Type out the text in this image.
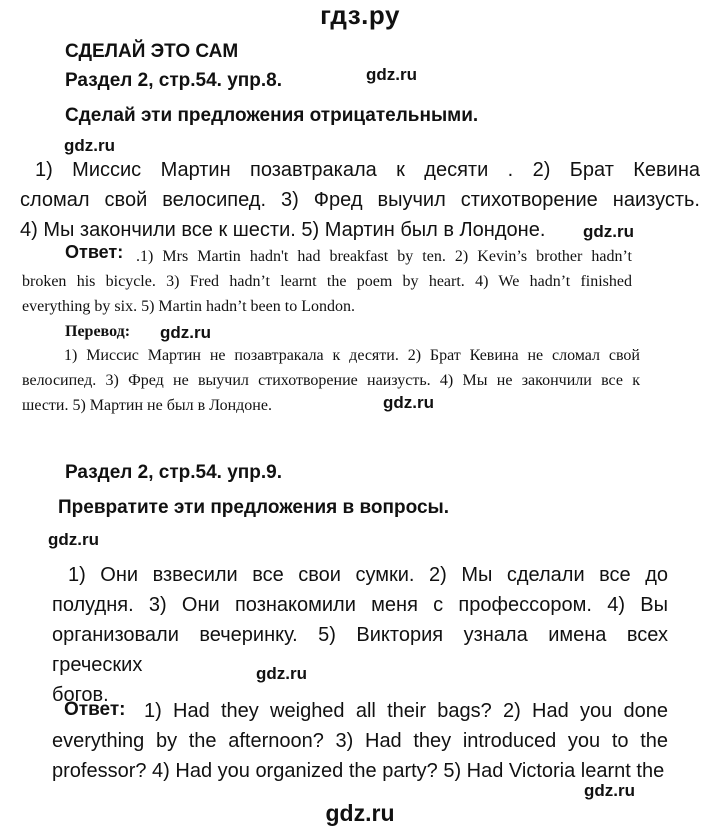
гдз.ру
СДЕЛАЙ ЭТО САМ
Раздел 2, стр.54. упр.8.	gdz.ru
Сделай эти предложения отрицательными.
gdz.ru
1) Миссис Мартин позавтракала к десяти . 2) Брат Кевина
сломал свой велосипед. 3) Фред выучил стихотворение наизусть.
4) Мы закончили все к шести. 5) Мартин был в Лондоне.	gdz.ru
Ответ: .1) Mrs Martin hadn't had breakfast by ten. 2) Kevin’s brother hadn’t
broken his bicycle. 3) Fred hadn’t learnt the poem by heart. 4) We hadn’t finished
everything by six. 5) Martin hadn’t been to London.
Перевод: gdz.ru
1) Миссис Мартин не позавтракала к десяти. 2) Брат Кевина не сломал свой
велосипед. 3) Фред не выучил стихотворение наизусть. 4) Мы не закончили все к
шести. 5) Мартин не был в Лондоне.	gdz.ru
Раздел 2, стр.54. упр.9.
Превратите эти предложения в вопросы.
gdz.ru
1) Они взвесили все свои сумки. 2) Мы сделали все до
полудня. 3) Они познакомили меня с профессором. 4) Вы
организовали вечеринку. 5) Виктория узнала имена всех греческих
богов.
gdz.ru
Ответ: 1) Had they weighed all their bags? 2) Had you done
everything by the afternoon? 3) Had they introduced you to the
professor? 4) Had you organized the party? 5) Had Victoria learnt the
gdz.ru
gdz.ru
